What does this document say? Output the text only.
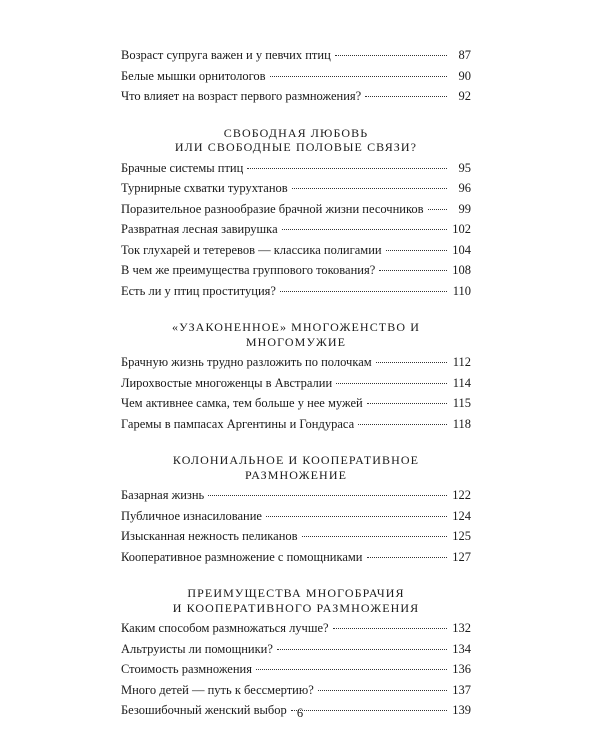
Возраст супруга важен и у певчих птиц	87
Белые мышки орнитологов	90
Что влияет на возраст первого размножения?	92
СВОБОДНАЯ ЛЮБОВЬ
ИЛИ СВОБОДНЫЕ ПОЛОВЫЕ СВЯЗИ?
Брачные системы птиц	95
Турнирные схватки турухтанов	96
Поразительное разнообразие брачной жизни песочников	99
Развратная лесная завирушка	102
Ток глухарей и тетеревов — классика полигамии	104
В чем же преимущества группового токования?	108
Есть ли у птиц проституция?	110
«УЗАКОНЕННОЕ» МНОГОЖЕНСТВО И МНОГОМУЖИЕ
Брачную жизнь трудно разложить по полочкам	112
Лирохвостые многоженцы в Австралии	114
Чем активнее самка, тем больше у нее мужей	115
Гаремы в пампасах Аргентины и Гондураса	118
КОЛОНИАЛЬНОЕ И КООПЕРАТИВНОЕ РАЗМНОЖЕНИЕ
Базарная жизнь	122
Публичное изнасилование	124
Изысканная нежность пеликанов	125
Кооперативное размножение с помощниками	127
ПРЕИМУЩЕСТВА МНОГОБРАЧИЯ
И КООПЕРАТИВНОГО РАЗМНОЖЕНИЯ
Каким способом размножаться лучше?	132
Альтруисты ли помощники?	134
Стоимость размножения	136
Много детей — путь к бессмертию?	137
Безошибочный женский выбор	139
6
